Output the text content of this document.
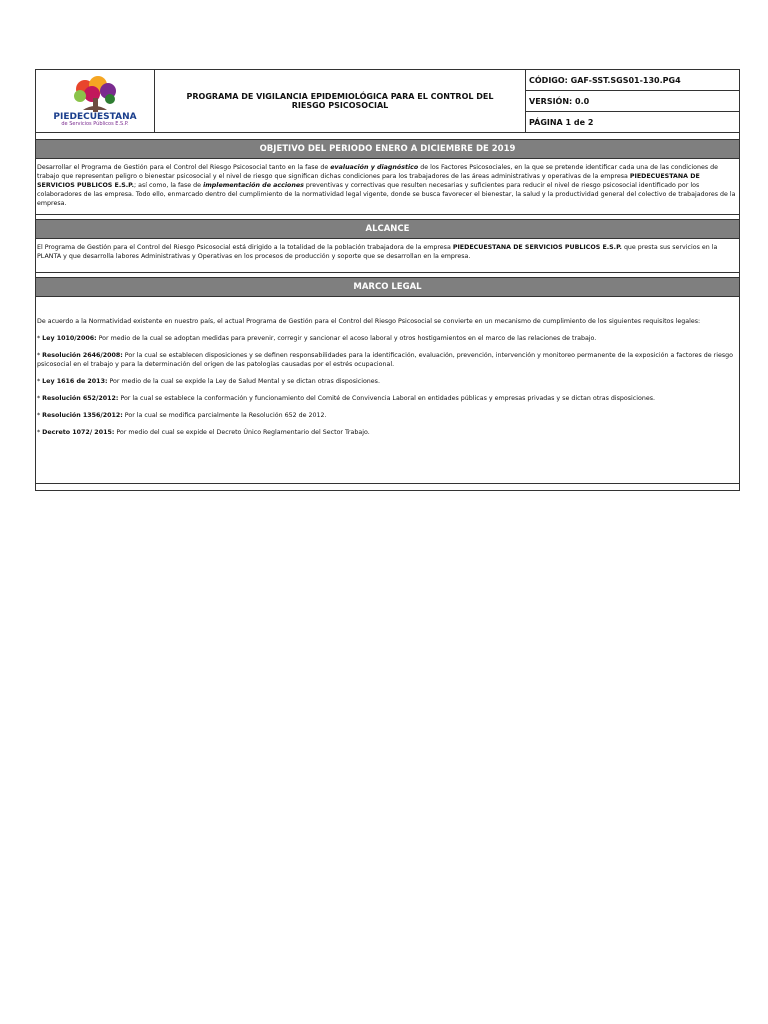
PIEDECUESTANA
de Servicios Públicos E.S.P.
PROGRAMA DE VIGILANCIA EPIDEMIOLÓGICA PARA EL CONTROL DEL RIESGO PSICOSOCIAL
CÓDIGO: GAF-SST.SGS01-130.PG4
VERSIÓN: 0.0
PÁGINA 1 de 2
OBJETIVO DEL PERIODO ENERO A DICIEMBRE DE 2019
Desarrollar el Programa de Gestión para el Control del Riesgo Psicosocial tanto en la fase de evaluación y diagnóstico de los Factores Psicosociales, en la que se pretende identificar cada una de las condiciones de trabajo que representan peligro o bienestar psicosocial y el nivel de riesgo que significan dichas condiciones para los trabajadores de las áreas administrativas y operativas de la empresa PIEDECUESTANA DE SERVICIOS PUBLICOS E.S.P.; así como, la fase de implementación de acciones preventivas y correctivas que resulten necesarias y suficientes para reducir el nivel de riesgo psicosocial identificado por los colaboradores de las empresa. Todo ello, enmarcado dentro del cumplimiento de la normatividad legal vigente, donde se busca favorecer el bienestar, la salud y la productividad general del colectivo de trabajadores de la empresa.
ALCANCE
El Programa de Gestión para el Control del Riesgo Psicosocial está dirigido a la totalidad de la población trabajadora de la empresa PIEDECUESTANA DE SERVICIOS PUBLICOS E.S.P. que presta sus servicios en la PLANTA y que desarrolla labores Administrativas y Operativas en los procesos de producción y soporte que se desarrollan en la empresa.
MARCO LEGAL

De acuerdo a la Normatividad existente en nuestro país, el actual Programa de Gestión para el Control del Riesgo Psicosocial se convierte en un mecanismo de cumplimiento de los siguientes requisitos legales:

* Ley 1010/2006: Por medio de la cual se adoptan medidas para prevenir, corregir y sancionar el acoso laboral y otros hostigamientos en el marco de las relaciones de trabajo.

* Resolución 2646/2008: Por la cual se establecen disposiciones y se definen responsabilidades para la identificación, evaluación, prevención, intervención y monitoreo permanente de la exposición a factores de riesgo psicosocial en el trabajo y para la determinación del origen de las patologías causadas por el estrés ocupacional.

* Ley 1616 de 2013: Por medio de la cual se expide la Ley de Salud Mental y se dictan otras disposiciones.

* Resolución 652/2012: Por la cual se establece la conformación y funcionamiento del Comité de Convivencia Laboral en entidades públicas y empresas privadas y se dictan otras disposiciones.

* Resolución 1356/2012: Por la cual se modifica parcialmente la Resolución 652 de 2012.

* Decreto 1072/ 2015: Por medio del cual se expide el Decreto Único Reglamentario del Sector Trabajo.
